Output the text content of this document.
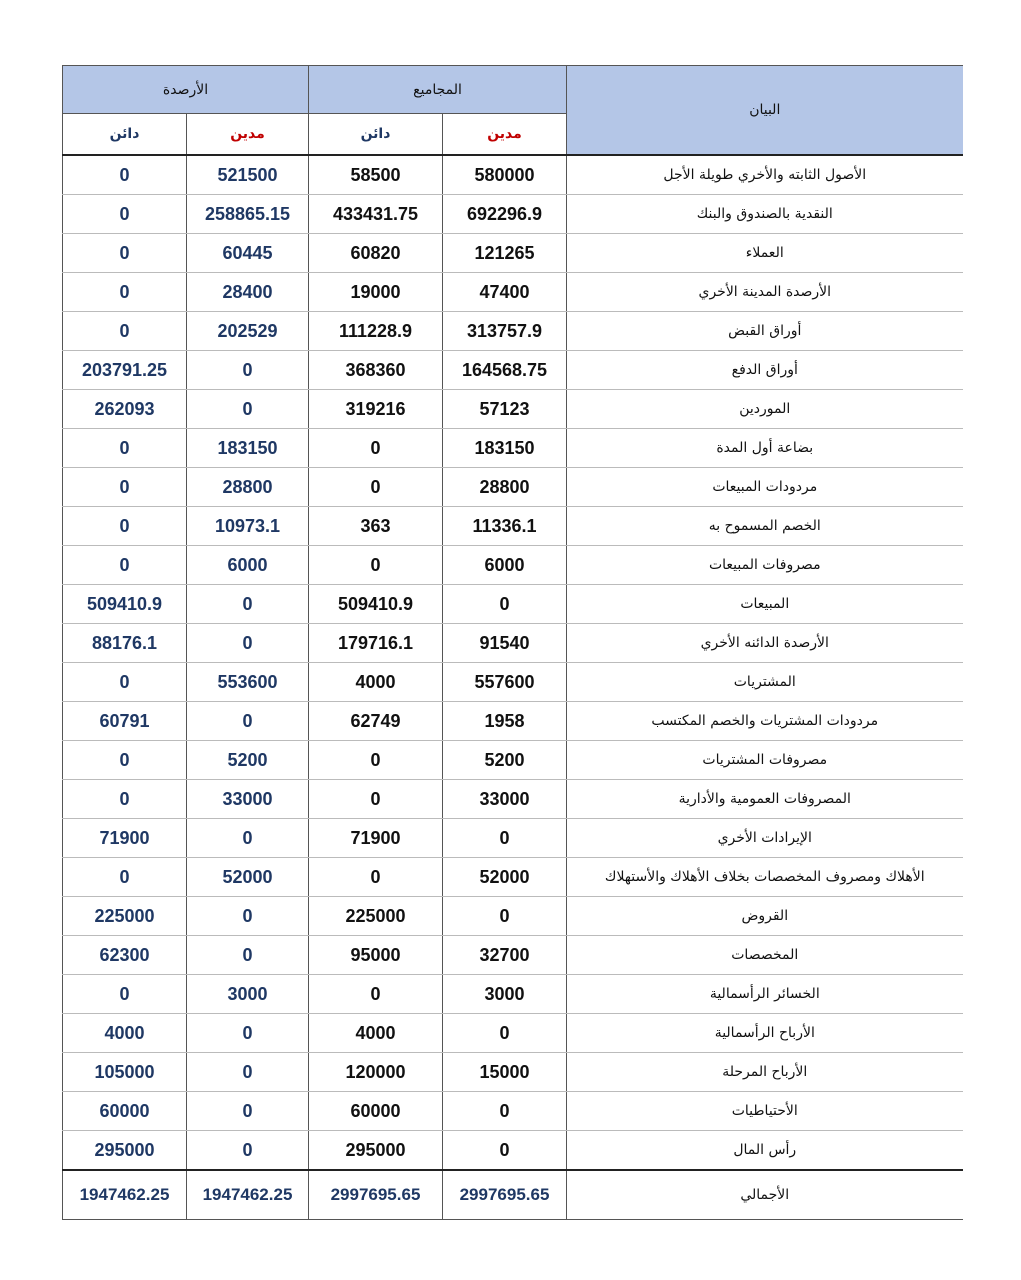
الأرصدة		المجاميع		البيان
دائن	مدين	دائن	مدين	
0	521500	58500	580000	الأصول الثابته والأخري طويلة الأجل
0	258865.15	433431.75	692296.9	النقدية بالصندوق والبنك
0	60445	60820	121265	العملاء
0	28400	19000	47400	الأرصدة المدينة الأخري
0	202529	111228.9	313757.9	أوراق القبض
203791.25	0	368360	164568.75	أوراق الدفع
262093	0	319216	57123	الموردين
0	183150	0	183150	بضاعة أول المدة
0	28800	0	28800	مردودات المبيعات
0	10973.1	363	11336.1	الخصم المسموح به
0	6000	0	6000	مصروفات المبيعات
509410.9	0	509410.9	0	المبيعات
88176.1	0	179716.1	91540	الأرصدة الدائنه الأخري
0	553600	4000	557600	المشتريات
60791	0	62749	1958	مردودات المشتريات والخصم المكتسب
0	5200	0	5200	مصروفات المشتريات
0	33000	0	33000	المصروفات العمومية والأدارية
71900	0	71900	0	الإيرادات الأخري
0	52000	0	52000	الأهلاك ومصروف المخصصات بخلاف الأهلاك والأستهلاك
225000	0	225000	0	القروض
62300	0	95000	32700	المخصصات
0	3000	0	3000	الخسائر الرأسمالية
4000	0	4000	0	الأرباح الرأسمالية
105000	0	120000	15000	الأرباح المرحلة
60000	0	60000	0	الأحتياطيات
295000	0	295000	0	رأس المال
1947462.25	1947462.25	2997695.65	2997695.65	الأجمالي
